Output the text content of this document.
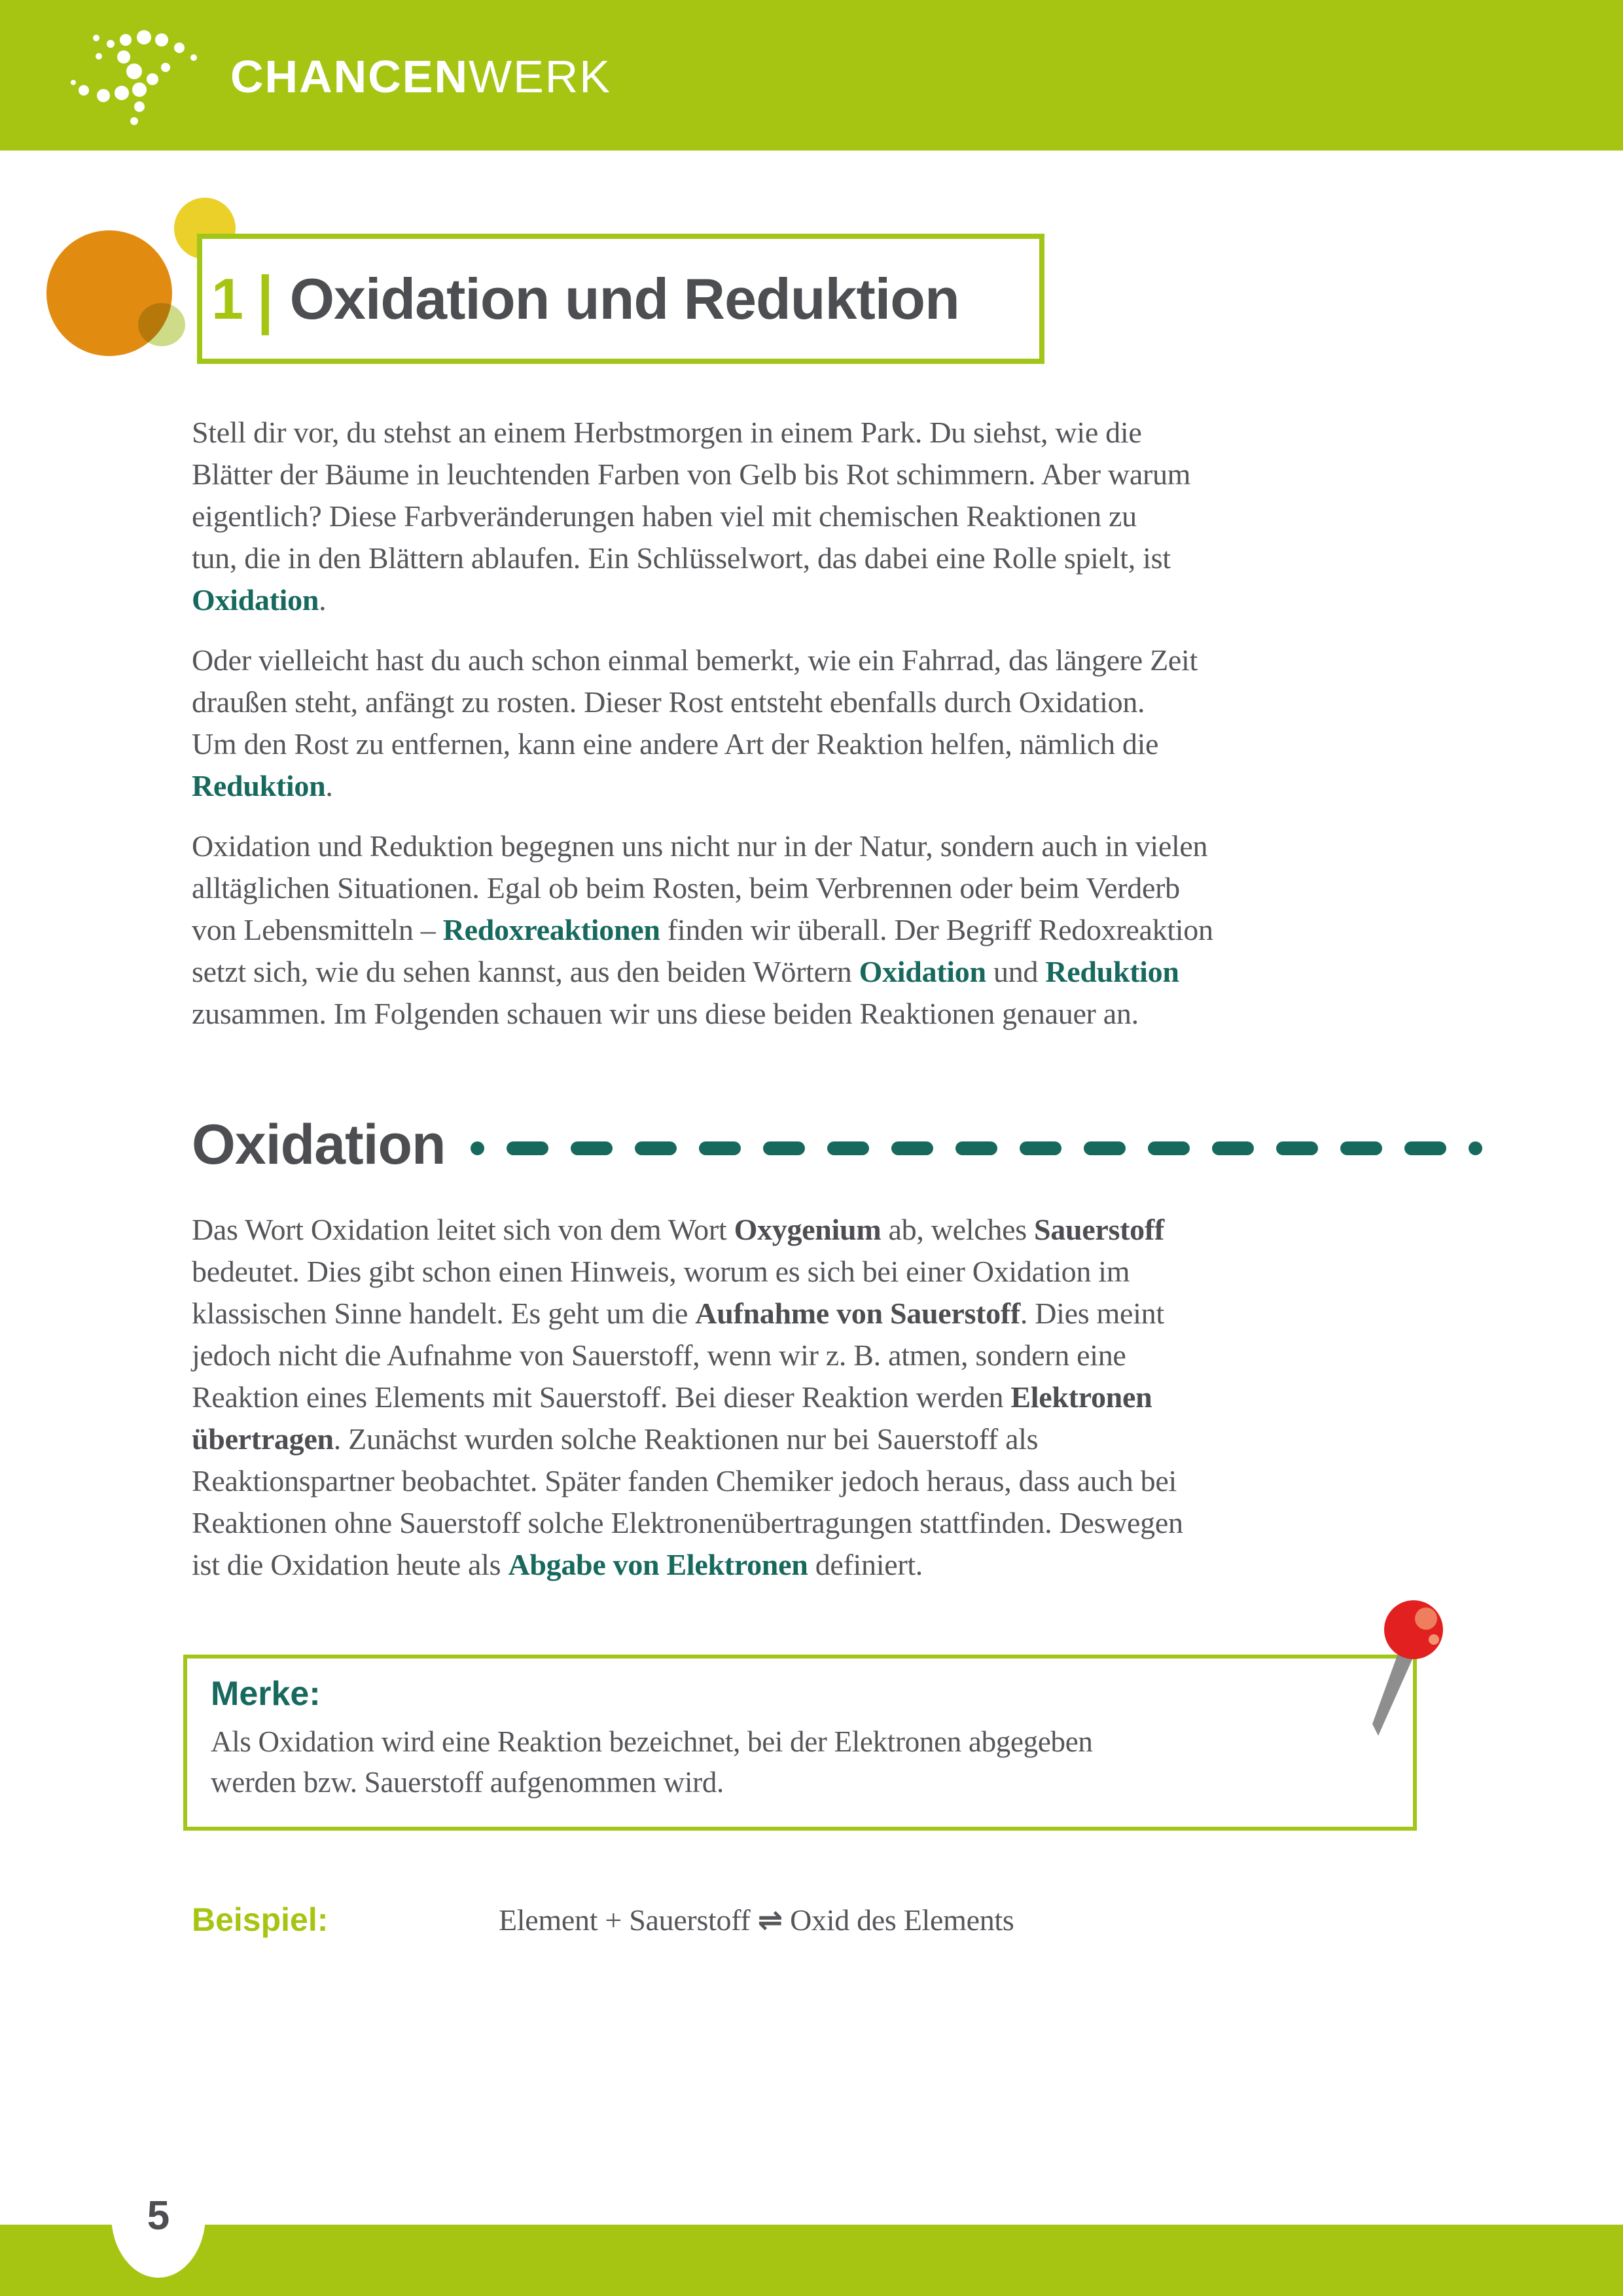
CHANCENWERK
1 | Oxidation und Reduktion
Stell dir vor, du stehst an einem Herbstmorgen in einem Park. Du siehst, wie die
Blätter der Bäume in leuchtenden Farben von Gelb bis Rot schimmern. Aber warum
eigentlich? Diese Farbveränderungen haben viel mit chemischen Reaktionen zu
tun, die in den Blättern ablaufen. Ein Schlüsselwort, das dabei eine Rolle spielt, ist
Oxidation.
Oder vielleicht hast du auch schon einmal bemerkt, wie ein Fahrrad, das längere Zeit
draußen steht, anfängt zu rosten. Dieser Rost entsteht ebenfalls durch Oxidation.
Um den Rost zu entfernen, kann eine andere Art der Reaktion helfen, nämlich die
Reduktion.
Oxidation und Reduktion begegnen uns nicht nur in der Natur, sondern auch in vielen
alltäglichen Situationen. Egal ob beim Rosten, beim Verbrennen oder beim Verderb
von Lebensmitteln – Redoxreaktionen finden wir überall. Der Begriff Redoxreaktion
setzt sich, wie du sehen kannst, aus den beiden Wörtern Oxidation und Reduktion
zusammen. Im Folgenden schauen wir uns diese beiden Reaktionen genauer an.
Oxidation
Das Wort Oxidation leitet sich von dem Wort Oxygenium ab, welches Sauerstoff
bedeutet. Dies gibt schon einen Hinweis, worum es sich bei einer Oxidation im
klassischen Sinne handelt. Es geht um die Aufnahme von Sauerstoff. Dies meint
jedoch nicht die Aufnahme von Sauerstoff, wenn wir z. B. atmen, sondern eine
Reaktion eines Elements mit Sauerstoff. Bei dieser Reaktion werden Elektronen
übertragen. Zunächst wurden solche Reaktionen nur bei Sauerstoff als
Reaktionspartner beobachtet. Später fanden Chemiker jedoch heraus, dass auch bei
Reaktionen ohne Sauerstoff solche Elektronenübertragungen stattfinden. Deswegen
ist die Oxidation heute als Abgabe von Elektronen definiert.
Merke:
Als Oxidation wird eine Reaktion bezeichnet, bei der Elektronen abgegeben
werden bzw. Sauerstoff aufgenommen wird.
Beispiel:	Element + Sauerstoff ⇌ Oxid des Elements
5
